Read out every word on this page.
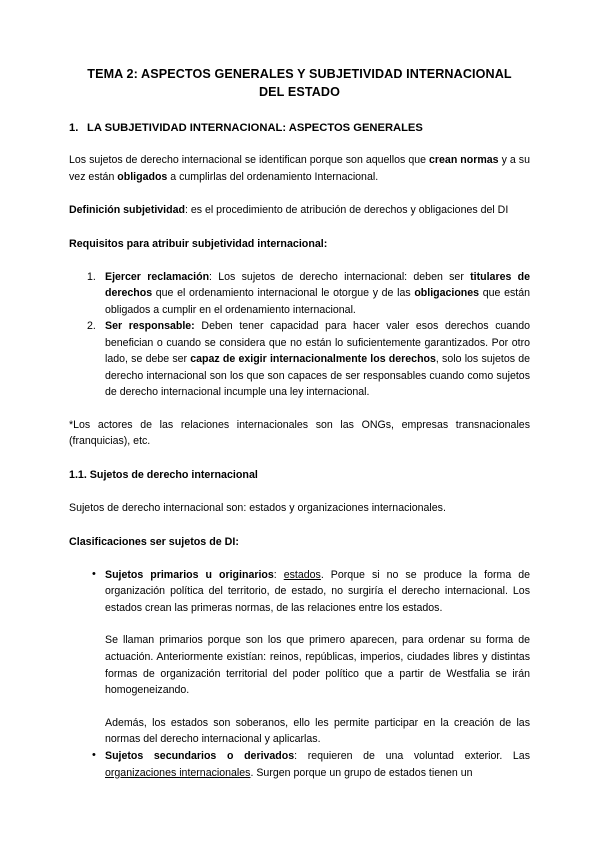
TEMA 2: ASPECTOS GENERALES Y SUBJETIVIDAD INTERNACIONAL
DEL ESTADO
1. LA SUBJETIVIDAD INTERNACIONAL: ASPECTOS GENERALES

Los sujetos de derecho internacional se identifican porque son aquellos que crean normas y a su vez están obligados a cumplirlas del ordenamiento Internacional.

Definición subjetividad: es el procedimiento de atribución de derechos y obligaciones del DI

Requisitos para atribuir subjetividad internacional:
1. Ejercer reclamación: Los sujetos de derecho internacional: deben ser titulares de derechos que el ordenamiento internacional le otorgue y de las obligaciones que están obligados a cumplir en el ordenamiento internacional.
2. Ser responsable: Deben tener capacidad para hacer valer esos derechos cuando benefician o cuando se considera que no están lo suficientemente garantizados. Por otro lado, se debe ser capaz de exigir internacionalmente los derechos, solo los sujetos de derecho internacional son los que son capaces de ser responsables cuando como sujetos de derecho internacional incumple una ley internacional.

*Los actores de las relaciones internacionales son las ONGs, empresas transnacionales (franquicias), etc.

1.1. Sujetos de derecho internacional

Sujetos de derecho internacional son: estados y organizaciones internacionales.

Clasificaciones ser sujetos de DI:
• Sujetos primarios u originarios: estados. Porque si no se produce la forma de organización política del territorio, de estado, no surgiría el derecho internacional. Los estados crean las primeras normas, de las relaciones entre los estados.

Se llaman primarios porque son los que primero aparecen, para ordenar su forma de actuación. Anteriormente existían: reinos, repúblicas, imperios, ciudades libres y distintas formas de organización territorial del poder político que a partir de Westfalia se irán homogeneizando.

Además, los estados son soberanos, ello les permite participar en la creación de las normas del derecho internacional y aplicarlas.

• Sujetos secundarios o derivados: requieren de una voluntad exterior. Las organizaciones internacionales. Surgen porque un grupo de estados tienen un
